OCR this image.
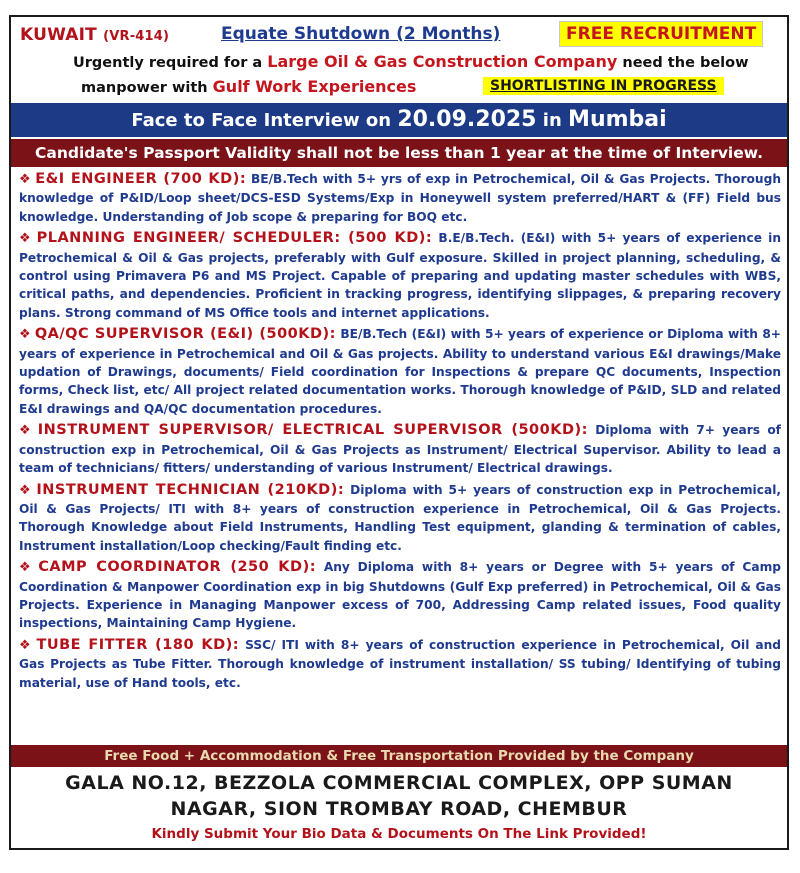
KUWAIT (VR-414)	Equate Shutdown (2 Months)	FREE RECRUITMENT
Urgently required for a Large Oil & Gas Construction Company need the below
manpower with Gulf Work Experiences	SHORTLISTING IN PROGRESS
Face to Face Interview on 20.09.2025 in Mumbai
Candidate's Passport Validity shall not be less than 1 year at the time of Interview.
❖ E&I ENGINEER (700 KD): BE/B.Tech with 5+ yrs of exp in Petrochemical, Oil & Gas Projects. Thorough knowledge of P&ID/Loop sheet/DCS-ESD Systems/Exp in Honeywell system preferred/HART & (FF) Field bus knowledge. Understanding of Job scope & preparing for BOQ etc.
❖ PLANNING ENGINEER/ SCHEDULER: (500 KD): B.E/B.Tech. (E&I) with 5+ years of experience in Petrochemical & Oil & Gas projects, preferably with Gulf exposure. Skilled in project planning, scheduling, & control using Primavera P6 and MS Project. Capable of preparing and updating master schedules with WBS, critical paths, and dependencies. Proficient in tracking progress, identifying slippages, & preparing recovery plans. Strong command of MS Office tools and internet applications.
❖ QA/QC SUPERVISOR (E&I) (500KD): BE/B.Tech (E&I) with 5+ years of experience or Diploma with 8+ years of experience in Petrochemical and Oil & Gas projects. Ability to understand various E&I drawings/Make updation of Drawings, documents/ Field coordination for Inspections & prepare QC documents, Inspection forms, Check list, etc/ All project related documentation works. Thorough knowledge of P&ID, SLD and related E&I drawings and QA/QC documentation procedures.
❖ INSTRUMENT SUPERVISOR/ ELECTRICAL SUPERVISOR (500KD): Diploma with 7+ years of construction exp in Petrochemical, Oil & Gas Projects as Instrument/ Electrical Supervisor. Ability to lead a team of technicians/ fitters/ understanding of various Instrument/ Electrical drawings.
❖ INSTRUMENT TECHNICIAN (210KD): Diploma with 5+ years of construction exp in Petrochemical, Oil & Gas Projects/ ITI with 8+ years of construction experience in Petrochemical, Oil & Gas Projects. Thorough Knowledge about Field Instruments, Handling Test equipment, glanding & termination of cables, Instrument installation/Loop checking/Fault finding etc.
❖ CAMP COORDINATOR (250 KD): Any Diploma with 8+ years or Degree with 5+ years of Camp Coordination & Manpower Coordination exp in big Shutdowns (Gulf Exp preferred) in Petrochemical, Oil & Gas Projects. Experience in Managing Manpower excess of 700, Addressing Camp related issues, Food quality inspections, Maintaining Camp Hygiene.
❖ TUBE FITTER (180 KD): SSC/ ITI with 8+ years of construction experience in Petrochemical, Oil and Gas Projects as Tube Fitter. Thorough knowledge of instrument installation/ SS tubing/ Identifying of tubing material, use of Hand tools, etc.
Free Food + Accommodation & Free Transportation Provided by the Company
GALA NO.12, BEZZOLA COMMERCIAL COMPLEX, OPP SUMAN
NAGAR, SION TROMBAY ROAD, CHEMBUR
Kindly Submit Your Bio Data & Documents On The Link Provided!
